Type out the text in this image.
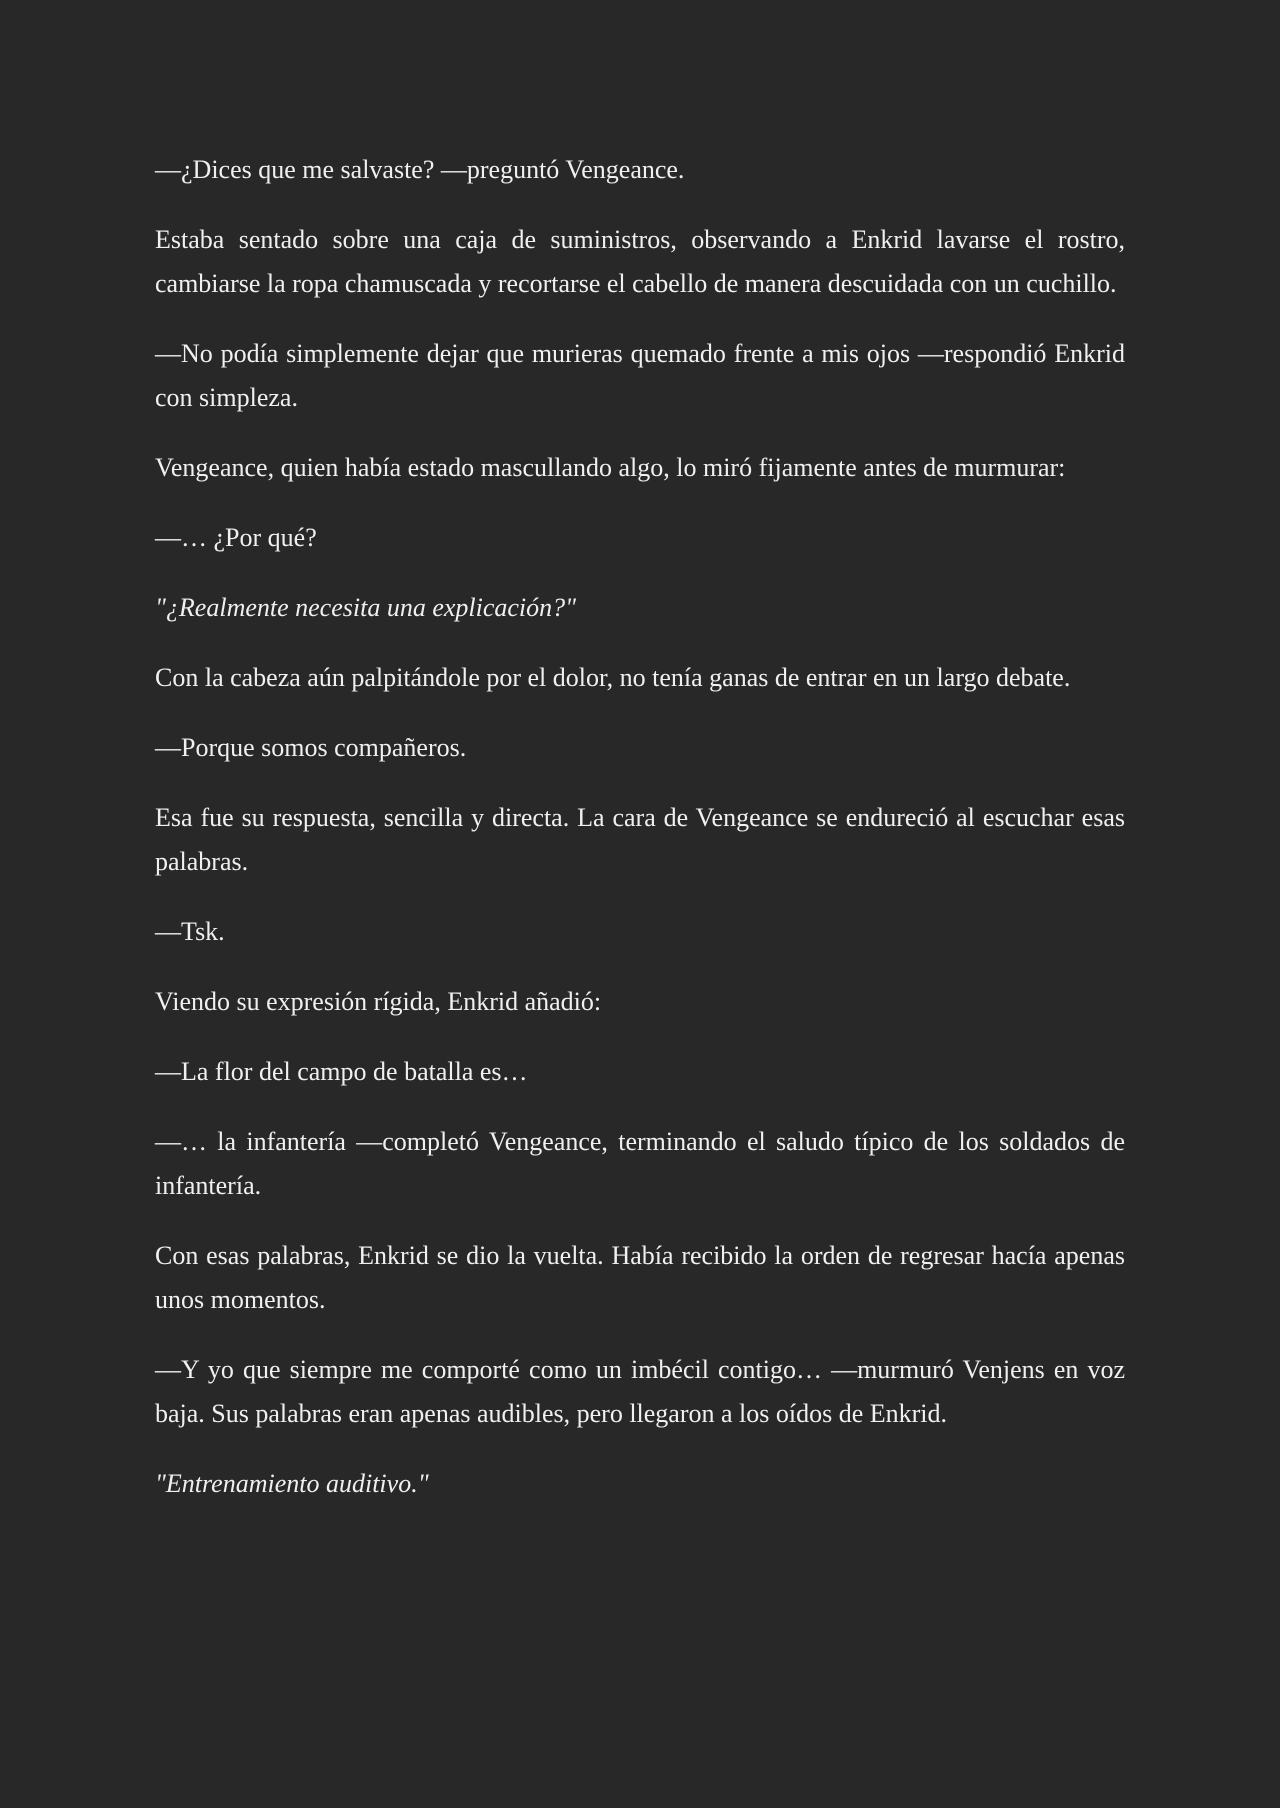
—¿Dices que me salvaste? —preguntó Vengeance.

Estaba sentado sobre una caja de suministros, observando a Enkrid lavarse el rostro, cambiarse la ropa chamuscada y recortarse el cabello de manera descuidada con un cuchillo.

—No podía simplemente dejar que murieras quemado frente a mis ojos —respondió Enkrid con simpleza.

Vengeance, quien había estado mascullando algo, lo miró fijamente antes de murmurar:

—… ¿Por qué?

"¿Realmente necesita una explicación?"

Con la cabeza aún palpitándole por el dolor, no tenía ganas de entrar en un largo debate.

—Porque somos compañeros.

Esa fue su respuesta, sencilla y directa. La cara de Vengeance se endureció al escuchar esas palabras.

—Tsk.

Viendo su expresión rígida, Enkrid añadió:

—La flor del campo de batalla es…

—… la infantería —completó Vengeance, terminando el saludo típico de los soldados de infantería.

Con esas palabras, Enkrid se dio la vuelta. Había recibido la orden de regresar hacía apenas unos momentos.

—Y yo que siempre me comporté como un imbécil contigo… —murmuró Venjens en voz baja. Sus palabras eran apenas audibles, pero llegaron a los oídos de Enkrid.

"Entrenamiento auditivo."
